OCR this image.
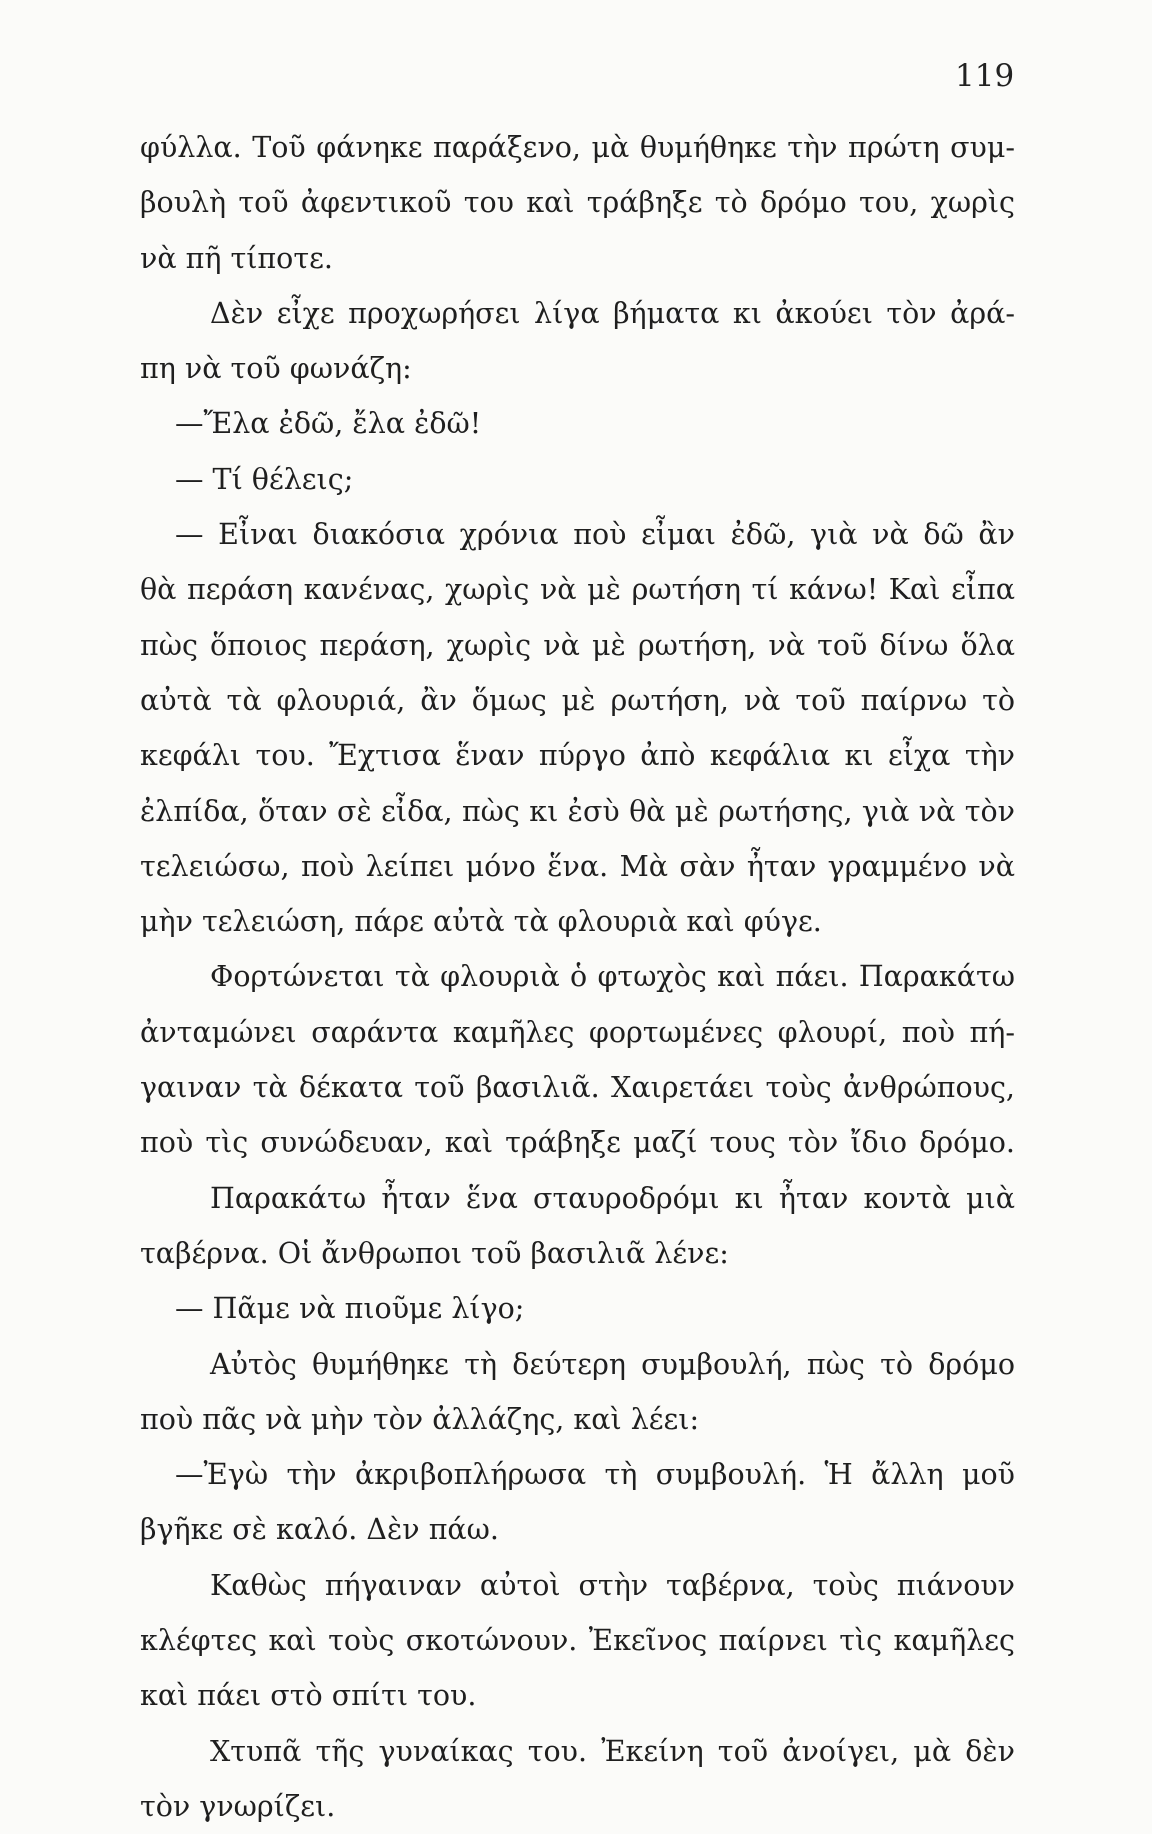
119
φύλλα. Τοῦ φάνηκε παράξενο, μὰ θυμήθηκε τὴν πρώτη συμ-
βουλὴ τοῦ ἀφεντικοῦ του καὶ τράβηξε τὸ δρόμο του, χωρὶς
νὰ πῆ τίποτε.
Δὲν εἶχε προχωρήσει λίγα βήματα κι ἀκούει τὸν ἀρά-
πη νὰ τοῦ φωνάζη:
—Ἔλα ἐδῶ, ἔλα ἐδῶ!
— Τί θέλεις;
— Εἶναι διακόσια χρόνια ποὺ εἶμαι ἐδῶ, γιὰ νὰ δῶ ἂν
θὰ περάση κανένας, χωρὶς νὰ μὲ ρωτήση τί κάνω! Καὶ εἶπα
πὼς ὅποιος περάση, χωρὶς νὰ μὲ ρωτήση, νὰ τοῦ δίνω ὅλα
αὐτὰ τὰ φλουριά, ἂν ὅμως μὲ ρωτήση, νὰ τοῦ παίρνω τὸ
κεφάλι του. Ἔχτισα ἕναν πύργο ἀπὸ κεφάλια κι εἶχα τὴν
ἐλπίδα, ὅταν σὲ εἶδα, πὼς κι ἐσὺ θὰ μὲ ρωτήσης, γιὰ νὰ τὸν
τελειώσω, ποὺ λείπει μόνο ἕνα. Μὰ σὰν ἦταν γραμμένο νὰ
μὴν τελειώση, πάρε αὐτὰ τὰ φλουριὰ καὶ φύγε.
Φορτώνεται τὰ φλουριὰ ὁ φτωχὸς καὶ πάει. Παρακάτω
ἀνταμώνει σαράντα καμῆλες φορτωμένες φλουρί, ποὺ πή-
γαιναν τὰ δέκατα τοῦ βασιλιᾶ. Χαιρετάει τοὺς ἀνθρώπους,
ποὺ τὶς συνώδευαν, καὶ τράβηξε μαζί τους τὸν ἴδιο δρόμο.
Παρακάτω ἦταν ἕνα σταυροδρόμι κι ἦταν κοντὰ μιὰ
ταβέρνα. Οἱ ἄνθρωποι τοῦ βασιλιᾶ λένε:
— Πᾶμε νὰ πιοῦμε λίγο;
Αὐτὸς θυμήθηκε τὴ δεύτερη συμβουλή, πὼς τὸ δρόμο
ποὺ πᾶς νὰ μὴν τὸν ἀλλάζης, καὶ λέει:
—Ἐγὼ τὴν ἀκριβοπλήρωσα τὴ συμβουλή. Ἡ ἄλλη μοῦ
βγῆκε σὲ καλό. Δὲν πάω.
Καθὼς πήγαιναν αὐτοὶ στὴν ταβέρνα, τοὺς πιάνουν
κλέφτες καὶ τοὺς σκοτώνουν. Ἐκεῖνος παίρνει τὶς καμῆλες
καὶ πάει στὸ σπίτι του.
Χτυπᾶ τῆς γυναίκας του. Ἐκείνη τοῦ ἀνοίγει, μὰ δὲν
τὸν γνωρίζει.
